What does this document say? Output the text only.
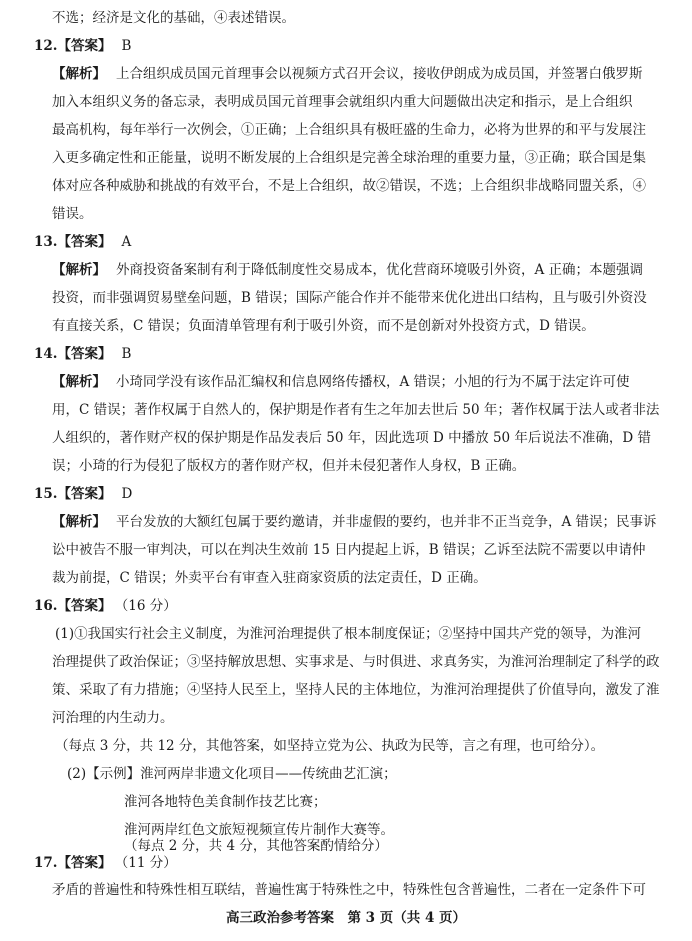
不选；经济是文化的基础，④表述错误。
12.【答案】 B
【解析】 上合组织成员国元首理事会以视频方式召开会议，接收伊朗成为成员国，并签署白俄罗斯
加入本组织义务的备忘录，表明成员国元首理事会就组织内重大问题做出决定和指示，是上合组织
最高机构，每年举行一次例会，①正确；上合组织具有极旺盛的生命力，必将为世界的和平与发展注
入更多确定性和正能量，说明不断发展的上合组织是完善全球治理的重要力量，③正确；联合国是集
体对应各种威胁和挑战的有效平台，不是上合组织，故②错误，不选；上合组织非战略同盟关系，④
错误。
13.【答案】 A
【解析】 外商投资备案制有利于降低制度性交易成本，优化营商环境吸引外资，A 正确；本题强调
投资，而非强调贸易壁垒问题，B 错误；国际产能合作并不能带来优化进出口结构，且与吸引外资没
有直接关系，C 错误；负面清单管理有利于吸引外资，而不是创新对外投资方式，D 错误。
14.【答案】 B
【解析】 小琦同学没有该作品汇编权和信息网络传播权，A 错误；小旭的行为不属于法定许可使
用，C 错误；著作权属于自然人的，保护期是作者有生之年加去世后 50 年；著作权属于法人或者非法
人组织的，著作财产权的保护期是作品发表后 50 年，因此选项 D 中播放 50 年后说法不准确，D 错
误；小琦的行为侵犯了版权方的著作财产权，但并未侵犯著作人身权，B 正确。
15.【答案】 D
【解析】 平台发放的大额红包属于要约邀请，并非虚假的要约，也并非不正当竞争，A 错误；民事诉
讼中被告不服一审判决，可以在判决生效前 15 日内提起上诉，B 错误；乙诉至法院不需要以申请仲
裁为前提，C 错误；外卖平台有审查入驻商家资质的法定责任，D 正确。
16.【答案】 （16 分）
(1)①我国实行社会主义制度，为淮河治理提供了根本制度保证；②坚持中国共产党的领导，为淮河
治理提供了政治保证；③坚持解放思想、实事求是、与时俱进、求真务实，为淮河治理制定了科学的政
策、采取了有力措施；④坚持人民至上，坚持人民的主体地位，为淮河治理提供了价值导向，激发了淮
河治理的内生动力。
（每点 3 分，共 12 分，其他答案，如坚持立党为公、执政为民等，言之有理，也可给分）。
(2)【示例】淮河两岸非遗文化项目——传统曲艺汇演；
淮河各地特色美食制作技艺比赛；
淮河两岸红色文旅短视频宣传片制作大赛等。
（每点 2 分，共 4 分，其他答案酌情给分）
17.【答案】 （11 分）
矛盾的普遍性和特殊性相互联结，普遍性寓于特殊性之中，特殊性包含普遍性，二者在一定条件下可
高三政治参考答案　第 3 页（共 4 页）
